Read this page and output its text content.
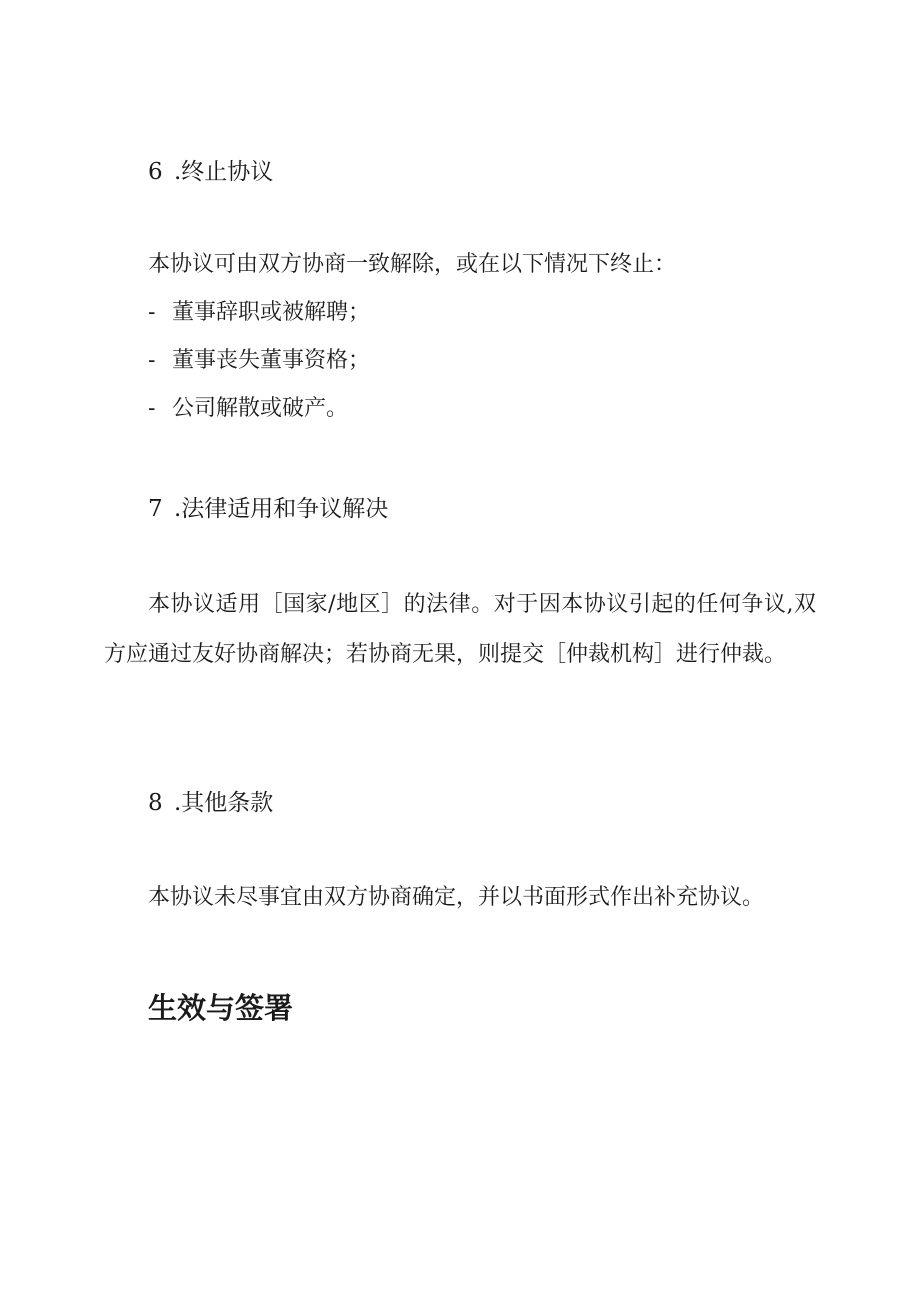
6 .终止协议
本协议可由双方协商一致解除，或在以下情况下终止：
- 董事辞职或被解聘；
- 董事丧失董事资格；
- 公司解散或破产。
7 .法律适用和争议解决
本协议适用［国家/地区］的法律。对于因本协议引起的任何争议,双方应通过友好协商解决；若协商无果，则提交［仲裁机构］进行仲裁。
8 .其他条款
本协议未尽事宜由双方协商确定，并以书面形式作出补充协议。
生效与签署
